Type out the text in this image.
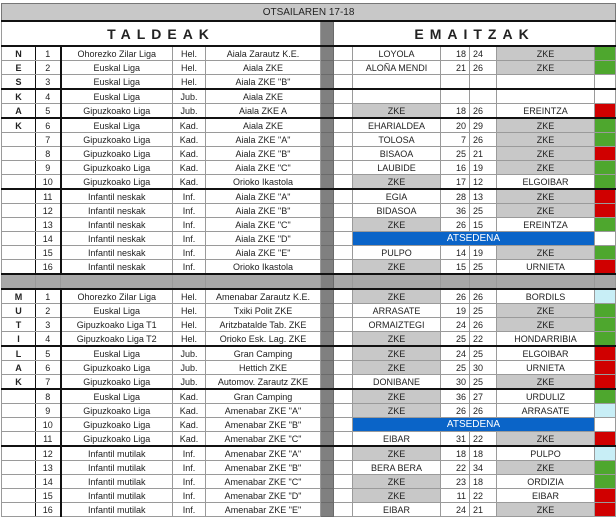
OTSAILAREN 17-18											
TALDEAK						EMAITZAK					
N	1	Ohorezko Zilar Liga	Hel.	Aiala Zarautz K.E.			LOYOLA	18	24	ZKE	
E	2	Euskal Liga	Hel.	Aiala ZKE			ALOÑA MENDI	21	26	ZKE	
S	3	Euskal Liga	Hel.	Aiala ZKE "B"							
K	4	Euskal Liga	Jub.	Aiala ZKE							
A	5	Gipuzkoako Liga	Jub.	Aiala ZKE A			ZKE	18	26	EREINTZA	
K	6	Euskal Liga	Kad.	Aiala ZKE			EHARIALDEA	20	29	ZKE	
	7	Gipuzkoako Liga	Kad.	Aiala ZKE "A"			TOLOSA	7	26	ZKE	
	8	Gipuzkoako Liga	Kad.	Aiala ZKE "B"			BISAOA	25	21	ZKE	
	9	Gipuzkoako Liga	Kad.	Aiala ZKE "C"			LAUBIDE	16	19	ZKE	
	10	Gipuzkoako Liga	Kad.	Orioko Ikastola			ZKE	17	12	ELGOIBAR	
	11	Infantil neskak	Inf.	Aiala ZKE "A"			EGIA	28	13	ZKE	
	12	Infantil neskak	Inf.	Aiala ZKE "B"			BIDASOA	36	25	ZKE	
	13	Infantil neskak	Inf.	Aiala ZKE "C"			ZKE	26	15	EREINTZA	
	14	Infantil neskak	Inf.	Aiala ZKE "D"			ATSEDENA				
	15	Infantil neskak	Inf.	Aiala ZKE "E"			PULPO	14	19	ZKE	
	16	Infantil neskak	Inf.	Orioko Ikastola			ZKE	15	25	URNIETA	

M	1	Ohorezko Zilar Liga	Hel.	Amenabar Zarautz K.E.			ZKE	26	26	BORDILS	
U	2	Euskal Liga	Hel.	Txiki Polit ZKE			ARRASATE	19	25	ZKE	
T	3	Gipuzkoako Liga T1	Hel.	Aritzbatalde Tab. ZKE			ORMAIZTEGI	24	26	ZKE	
I	4	Gipuzkoako Liga T2	Hel.	Orioko Esk. Lag. ZKE			ZKE	25	22	HONDARRIBIA	
L	5	Euskal Liga	Jub.	Gran Camping			ZKE	24	25	ELGOIBAR	
A	6	Gipuzkoako Liga	Jub.	Hettich ZKE			ZKE	25	30	URNIETA	
K	7	Gipuzkoako Liga	Jub.	Automov. Zarautz ZKE			DONIBANE	30	25	ZKE	
	8	Euskal Liga	Kad.	Gran Camping			ZKE	36	27	URDULIZ	
	9	Gipuzkoako Liga	Kad.	Amenabar ZKE "A"			ZKE	26	26	ARRASATE	
	10	Gipuzkoako Liga	Kad.	Amenabar ZKE "B"			ATSEDENA				
	11	Gipuzkoako Liga	Kad.	Amenabar ZKE "C"			EIBAR	31	22	ZKE	
	12	Infantil mutilak	Inf.	Amenabar ZKE "A"			ZKE	18	18	PULPO	
	13	Infantil mutilak	Inf.	Amenabar ZKE "B"			BERA BERA	22	34	ZKE	
	14	Infantil mutilak	Inf.	Amenabar ZKE "C"			ZKE	23	18	ORDIZIA	
	15	Infantil mutilak	Inf.	Amenabar ZKE "D"			ZKE	11	22	EIBAR	
	16	Infantil mutilak	Inf.	Amenabar ZKE "E"			EIBAR	24	21	ZKE	
